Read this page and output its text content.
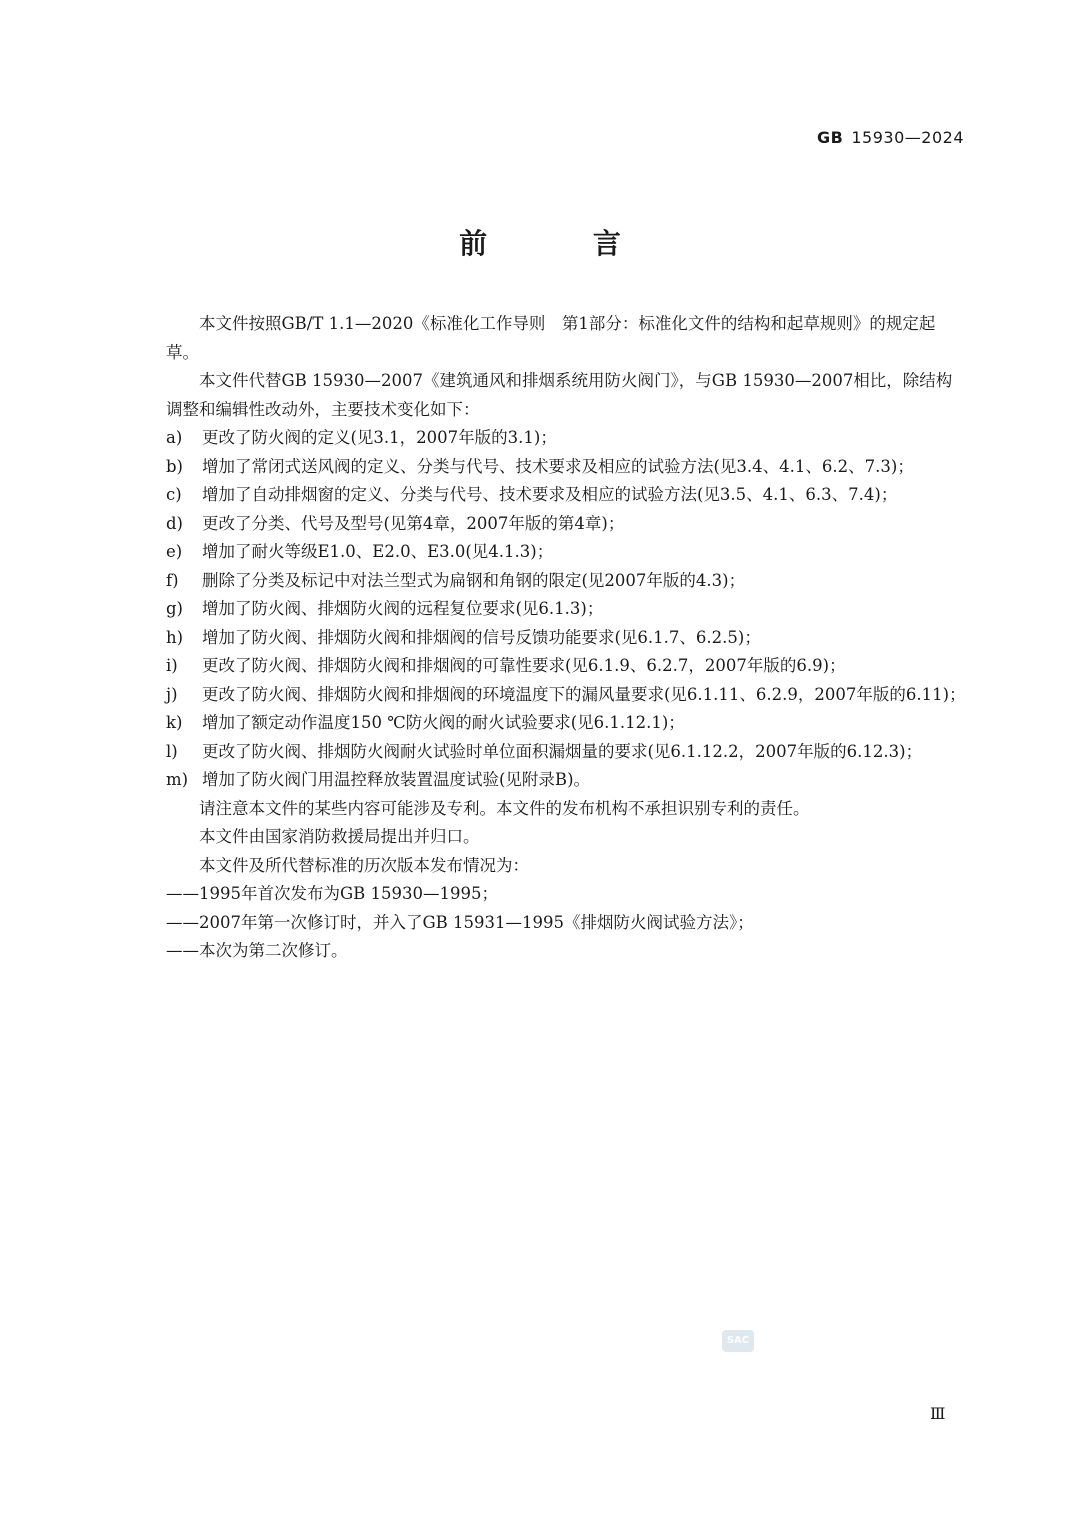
GB 15930—2024
前 言

本文件按照GB/T 1.1—2020《标准化工作导则　第1部分：标准化文件的结构和起草规则》的规定起草。

本文件代替GB 15930—2007《建筑通风和排烟系统用防火阀门》，与GB 15930—2007相比，除结构调整和编辑性改动外，主要技术变化如下：

a)	更改了防火阀的定义(见3.1，2007年版的3.1)；
b)	增加了常闭式送风阀的定义、分类与代号、技术要求及相应的试验方法(见3.4、4.1、6.2、7.3)；
c)	增加了自动排烟窗的定义、分类与代号、技术要求及相应的试验方法(见3.5、4.1、6.3、7.4)；
d)	更改了分类、代号及型号(见第4章，2007年版的第4章)；
e)	增加了耐火等级E1.0、E2.0、E3.0(见4.1.3)；
f)	删除了分类及标记中对法兰型式为扁钢和角钢的限定(见2007年版的4.3)；
g)	增加了防火阀、排烟防火阀的远程复位要求(见6.1.3)；
h)	增加了防火阀、排烟防火阀和排烟阀的信号反馈功能要求(见6.1.7、6.2.5)；
i)	更改了防火阀、排烟防火阀和排烟阀的可靠性要求(见6.1.9、6.2.7，2007年版的6.9)；
j)	更改了防火阀、排烟防火阀和排烟阀的环境温度下的漏风量要求(见6.1.11、6.2.9，2007年版的6.11)；
k)	增加了额定动作温度150 ℃防火阀的耐火试验要求(见6.1.12.1)；
l)	更改了防火阀、排烟防火阀耐火试验时单位面积漏烟量的要求(见6.1.12.2，2007年版的6.12.3)；
m) 增加了防火阀门用温控释放装置温度试验(见附录B)。

请注意本文件的某些内容可能涉及专利。本文件的发布机构不承担识别专利的责任。

本文件由国家消防救援局提出并归口。

本文件及所代替标准的历次版本发布情况为：

——1995年首次发布为GB 15930—1995；

——2007年第一次修订时，并入了GB 15931—1995《排烟防火阀试验方法》；

——本次为第二次修订。

SAC
Ⅲ
